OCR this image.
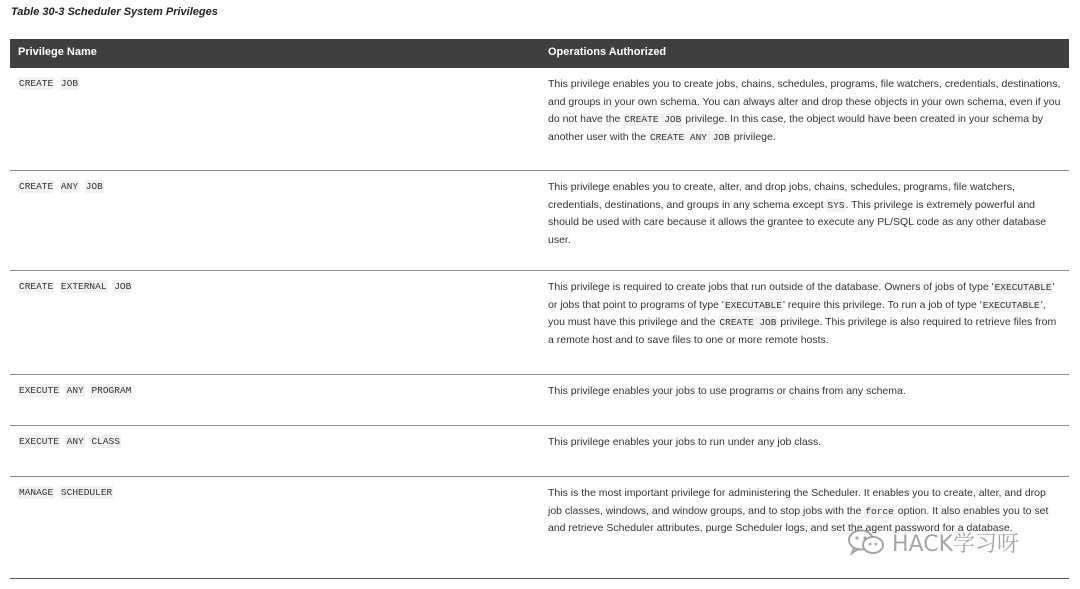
Table 30-3 Scheduler System Privileges
Privilege Name	Operations Authorized
CREATE JOB	This privilege enables you to create jobs, chains, schedules, programs, file watchers, credentials, destinations, and groups in your own schema. You can always alter and drop these objects in your own schema, even if you do not have the CREATE JOB privilege. In this case, the object would have been created in your schema by another user with the CREATE ANY JOB privilege.
CREATE ANY JOB	This privilege enables you to create, alter, and drop jobs, chains, schedules, programs, file watchers, credentials, destinations, and groups in any schema except SYS. This privilege is extremely powerful and should be used with care because it allows the grantee to execute any PL/SQL code as any other database user.
CREATE EXTERNAL JOB	This privilege is required to create jobs that run outside of the database. Owners of jobs of type 'EXECUTABLE' or jobs that point to programs of type 'EXECUTABLE' require this privilege. To run a job of type 'EXECUTABLE', you must have this privilege and the CREATE JOB privilege. This privilege is also required to retrieve files from a remote host and to save files to one or more remote hosts.
EXECUTE ANY PROGRAM	This privilege enables your jobs to use programs or chains from any schema.
EXECUTE ANY CLASS	This privilege enables your jobs to run under any job class.
MANAGE SCHEDULER	This is the most important privilege for administering the Scheduler. It enables you to create, alter, and drop job classes, windows, and window groups, and to stop jobs with the force option. It also enables you to set and retrieve Scheduler attributes, purge Scheduler logs, and set the agent password for a database.
HACK学习呀
